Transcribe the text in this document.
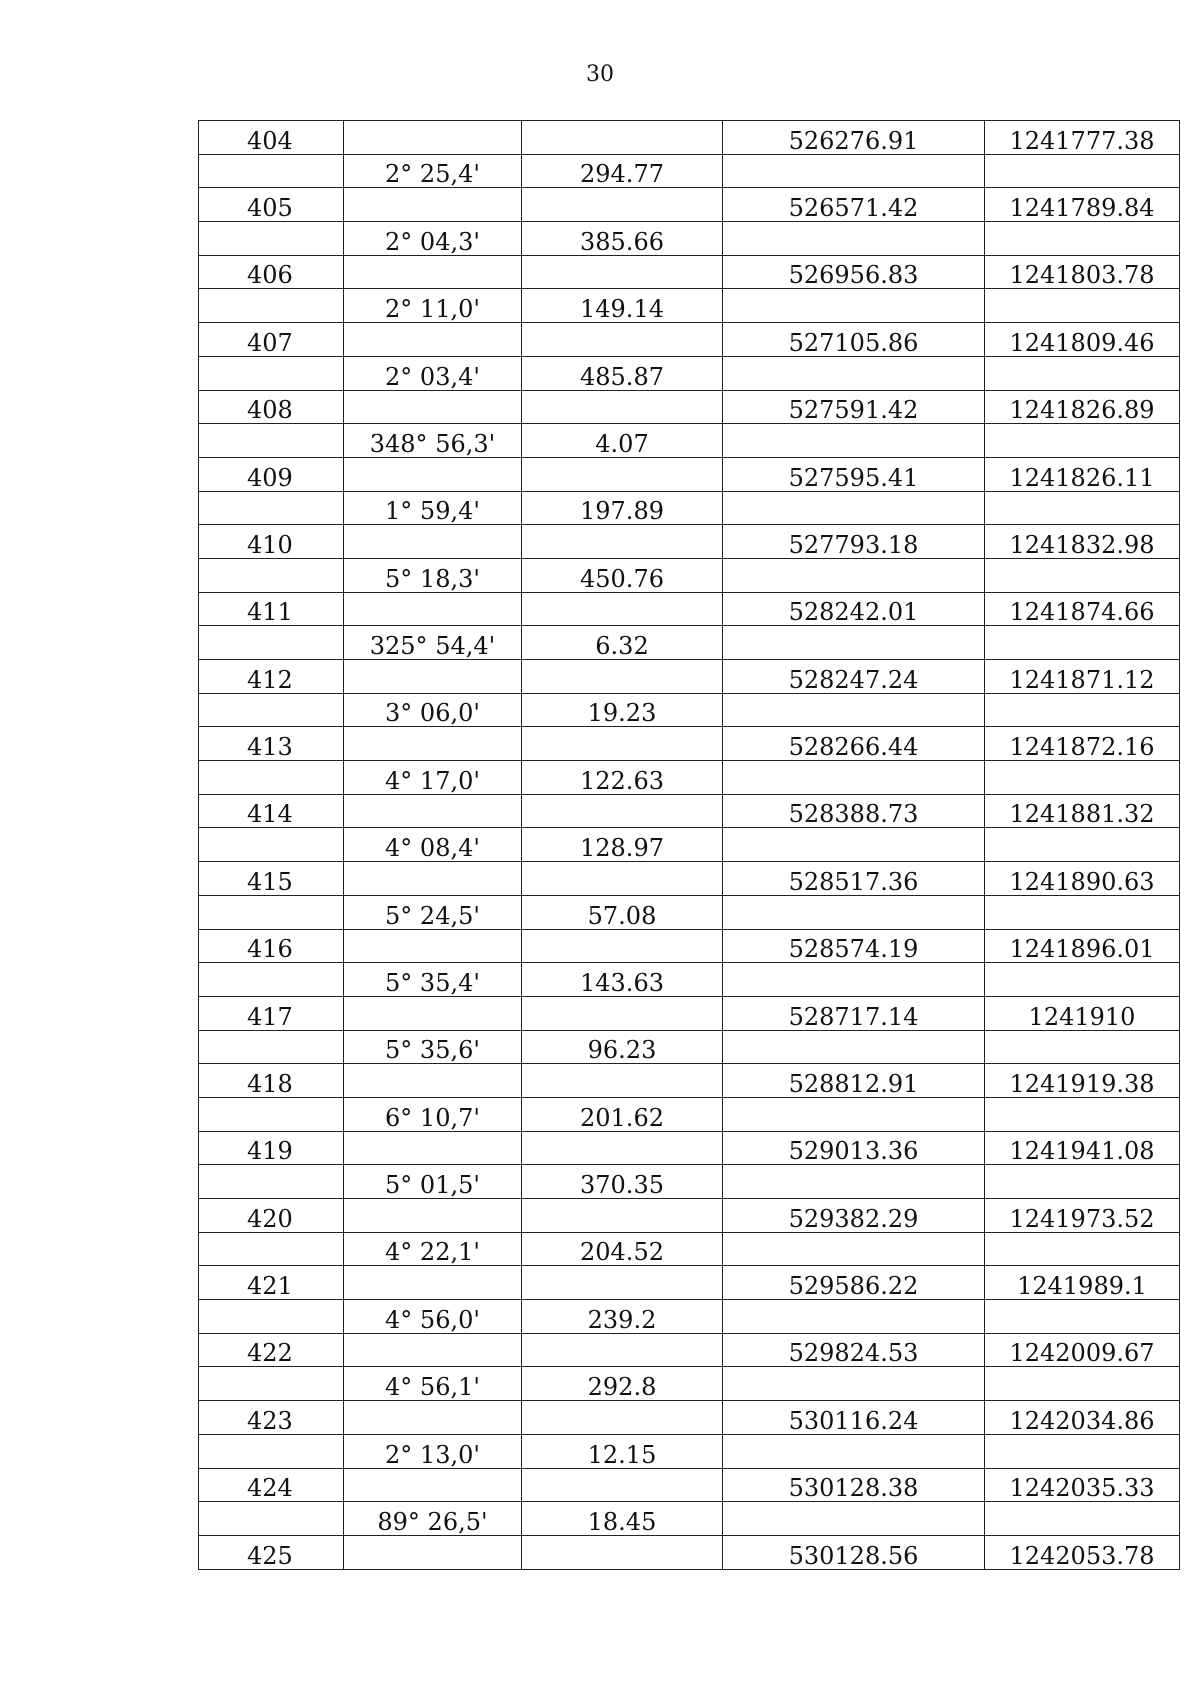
30
404			526276.91	1241777.38
	2° 25,4'	294.77		
405			526571.42	1241789.84
	2° 04,3'	385.66		
406			526956.83	1241803.78
	2° 11,0'	149.14		
407			527105.86	1241809.46
	2° 03,4'	485.87		
408			527591.42	1241826.89
	348° 56,3'	4.07		
409			527595.41	1241826.11
	1° 59,4'	197.89		
410			527793.18	1241832.98
	5° 18,3'	450.76		
411			528242.01	1241874.66
	325° 54,4'	6.32		
412			528247.24	1241871.12
	3° 06,0'	19.23		
413			528266.44	1241872.16
	4° 17,0'	122.63		
414			528388.73	1241881.32
	4° 08,4'	128.97		
415			528517.36	1241890.63
	5° 24,5'	57.08		
416			528574.19	1241896.01
	5° 35,4'	143.63		
417			528717.14	1241910
	5° 35,6'	96.23		
418			528812.91	1241919.38
	6° 10,7'	201.62		
419			529013.36	1241941.08
	5° 01,5'	370.35		
420			529382.29	1241973.52
	4° 22,1'	204.52		
421			529586.22	1241989.1
	4° 56,0'	239.2		
422			529824.53	1242009.67
	4° 56,1'	292.8		
423			530116.24	1242034.86
	2° 13,0'	12.15		
424			530128.38	1242035.33
	89° 26,5'	18.45		
425			530128.56	1242053.78
